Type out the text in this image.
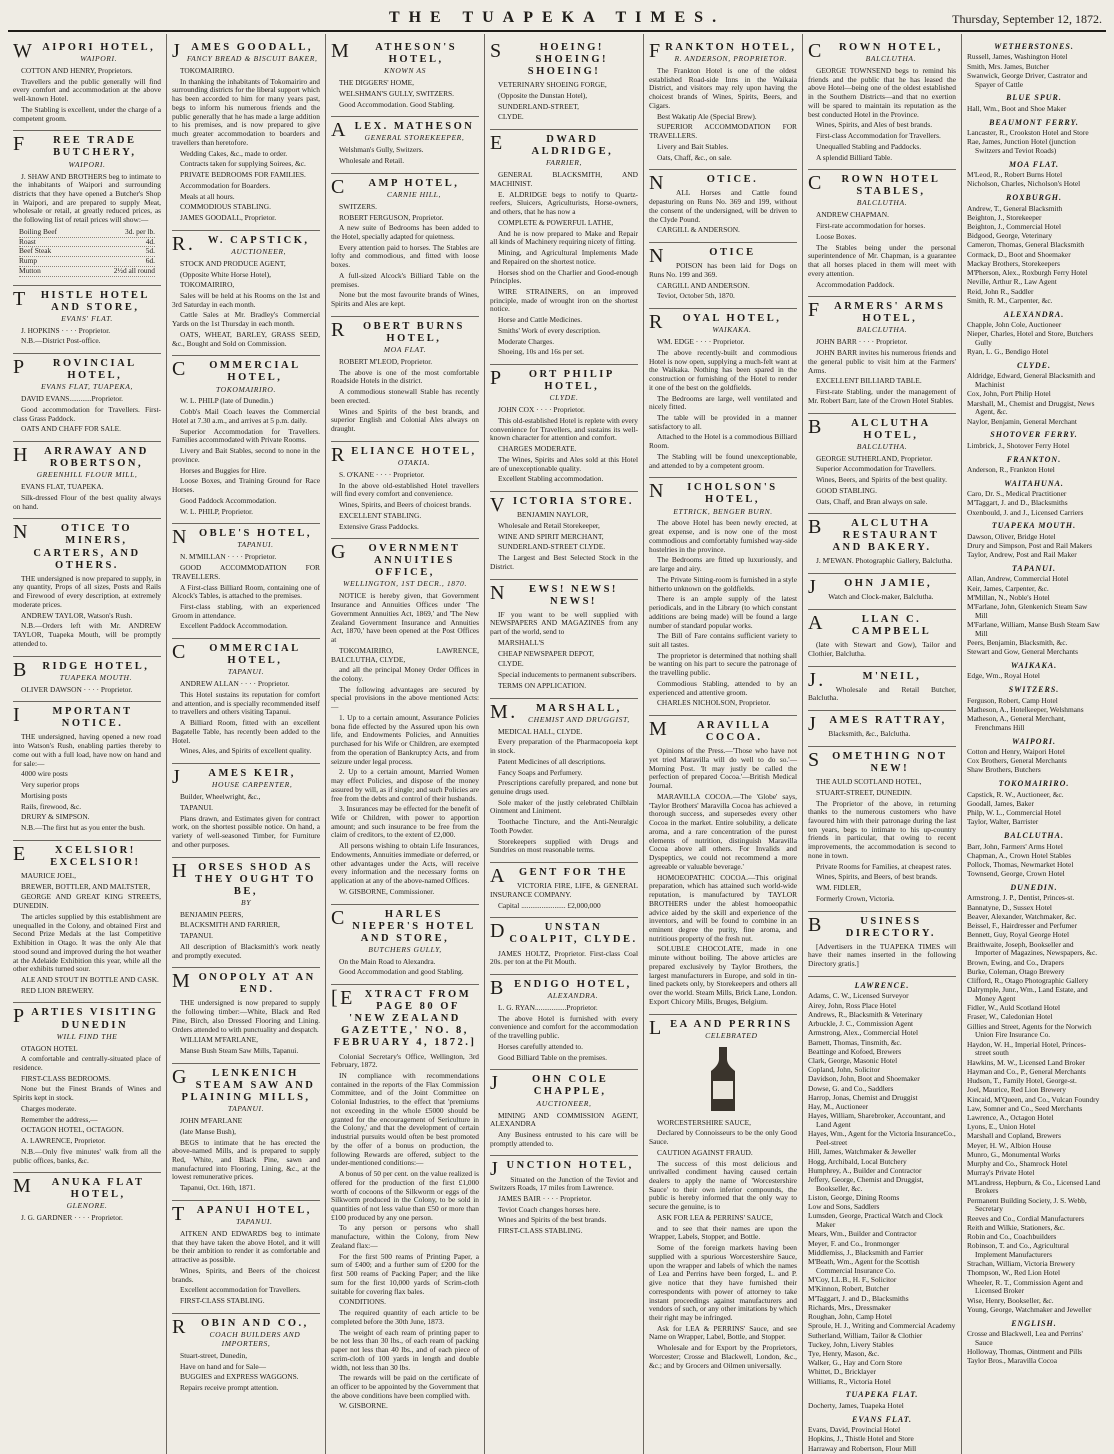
THE TUAPEKA TIMES.	Thursday, September 12, 1872.
WAIPORI HOTEL,
WAIPORI.

COTTON AND HENRY, Proprietors.

Travellers and the public generally will find every comfort and accommodation at the above well-known Hotel.

The Stabling is excellent, under the charge of a competent groom.

FREE TRADE BUTCHERY,
WAIPORI.

J. SHAW AND BROTHERS beg to intimate to the inhabitants of Waipori and surrounding districts that they have opened a Butcher's Shop in Waipori, and are prepared to supply Meat, wholesale or retail, at greatly reduced prices, as the following list of retail prices will show:—

Boiling Beef	3d. per lb.
Roast	4d.
Beef Steak	5d.
Rump	6d.
Mutton	2½d all round
THISTLE HOTEL AND STORE,
EVANS' FLAT.

J. HOPKINS · · · · Proprietor.

N.B.—District Post-office.

PROVINCIAL HOTEL,
EVANS FLAT, TUAPEKA,

DAVID EVANS............Proprietor.

Good accommodation for Travellers. First-class Grass Paddock.

OATS AND CHAFF FOR SALE.

HARRAWAY AND ROBERTSON,
GREENHILL FLOUR MILL,

EVANS FLAT, TUAPEKA.

Silk-dressed Flour of the best quality always on hand.

NOTICE TO MINERS, CARTERS, AND OTHERS.

THE undersigned is now prepared to supply, in any quantity, Props of all sizes, Posts and Rails and Firewood of every description, at extremely moderate prices.

ANDREW TAYLOR, Watson's Rush.

N.B.—Orders left with Mr. ANDREW TAYLOR, Tuapeka Mouth, will be promptly attended to.

BRIDGE HOTEL,
TUAPEKA MOUTH.

OLIVER DAWSON · · · · Proprietor.

IMPORTANT NOTICE.

THE undersigned, having opened a new road into Watson's Rush, enabling parties thereby to come out with a full load, have now on hand and for sale:—

4000 wire posts

Very superior props

Mortising posts

Rails, firewood, &c.

DRURY & SIMPSON.

N.B.—The first hut as you enter the bush.

EXCELSIOR! EXCELSIOR!

MAURICE JOEL,

BREWER, BOTTLER, AND MALTSTER,

GEORGE AND GREAT KING STREETS, DUNEDIN.

The articles supplied by this establishment are unequalled in the Colony, and obtained First and Second Prize Medals at the last Competitive Exhibition in Otago. It was the only Ale that stood sound and improved during the hot weather at the Adelaide Exhibition this year, while all the other exhibits turned sour.

ALE AND STOUT IN BOTTLE AND CASK.

RED LION BREWERY.

PARTIES VISITING DUNEDIN
WILL FIND THE

OTAGON HOTEL

A comfortable and centrally-situated place of residence.

FIRST-CLASS BEDROOMS.

None but the Finest Brands of Wines and Spirits kept in stock.

Charges moderate.

Remember the address,—

OCTAGON HOTEL, OCTAGON.

A. LAWRENCE, Proprietor.

N.B.—Only five minutes' walk from all the public offices, banks, &c.

MANUKA FLAT HOTEL,
GLENORE.

J. G. GARDNER · · · · Proprietor.

JAMES GOODALL,
FANCY BREAD & BISCUIT BAKER,

TOKOMAIRIRO.

In thanking the inhabitants of Tokomairiro and surrounding districts for the liberal support which has been accorded to him for many years past, begs to inform his numerous friends and the public generally that he has made a large addition to his premises, and is now prepared to give much greater accommodation to boarders and travellers than heretofore.

Wedding Cakes, &c., made to order.

Contracts taken for supplying Soirees, &c.

PRIVATE BEDROOMS FOR FAMILIES.

Accommodation for Boarders.

Meals at all hours.

COMMODIOUS STABLING.

JAMES GOODALL, Proprietor.

R.W. CAPSTICK,
AUCTIONEER,

STOCK AND PRODUCE AGENT,

(Opposite White Horse Hotel),

TOKOMAIRIRO,

Sales will be held at his Rooms on the 1st and 3rd Saturday in each month.

Cattle Sales at Mr. Bradley's Commercial Yards on the 1st Thursday in each month.

OATS, WHEAT, BARLEY, GRASS SEED, &c., Bought and Sold on Commission.

COMMERCIAL HOTEL,
TOKOMAIRIRO.

W. L. PHILP (late of Dunedin.)

Cobb's Mail Coach leaves the Commercial Hotel at 7.30 a.m., and arrives at 5 p.m. daily.

Superior Accommodation for Travellers. Families accommodated with Private Rooms.

Livery and Bait Stables, second to none in the province.

Horses and Buggies for Hire.

Loose Boxes, and Training Ground for Race Horses.

Good Paddock Accommodation.

W. L. PHILP, Proprietor.

NOBLE'S HOTEL,
TAPANUI.

N. M'MILLAN · · · · Proprietor.

GOOD ACCOMMODATION FOR TRAVELLERS.

A First-class Billiard Room, containing one of Alcock's Tables, is attached to the premises.

First-class stabling, with an experienced Groom in attendance.

Excellent Paddock Accommodation.

COMMERCIAL HOTEL,
TAPANUI.

ANDREW ALLAN · · · · Proprietor.

This Hotel sustains its reputation for comfort and attention, and is specially recommended itself to travellers and others visiting Tapanui.

A Billiard Room, fitted with an excellent Bagatelle Table, has recently been added to the Hotel.

Wines, Ales, and Spirits of excellent quality.

JAMES KEIR,
HOUSE CARPENTER,

Builder, Wheelwright, &c.,

TAPANUI.

Plans drawn, and Estimates given for contract work, on the shortest possible notice. On hand, a variety of well-seasoned Timber, for Furniture and other purposes.

HORSES SHOD AS THEY OUGHT TO BE,
BY

BENJAMIN PEERS,

BLACKSMITH AND FARRIER,

TAPANUI.

All description of Blacksmith's work neatly and promptly executed.

MONOPOLY AT AN END.

THE undersigned is now prepared to supply the following timber:—White, Black and Red Pine, Birch, also Dressed Flooring and Lining. Orders attended to with punctuality and despatch.

WILLIAM M'FARLANE,

Manse Bush Steam Saw Mills, Tapanui.

GLENKENICH STEAM SAW AND PLAINING MILLS,
TAPANUI.

JOHN M'FARLANE

(late Manse Bush),

BEGS to intimate that he has erected the above-named Mills, and is prepared to supply Red, White, and Black Pine, sawn and manufactured into Flooring, Lining, &c., at the lowest remunerative prices.

Tapanui, Oct. 16th, 1871.

TAPANUI HOTEL,
TAPANUI.

AITKEN AND EDWARDS beg to intimate that they have taken the above Hotel, and it will be their ambition to render it as comfortable and attractive as possible.

Wines, Spirits, and Beers of the choicest brands.

Excellent accommodation for Travellers.

FIRST-CLASS STABLING.

ROBIN AND CO.,
COACH BUILDERS AND IMPORTERS,

Stuart-street, Dunedin,

Have on hand and for Sale—

BUGGIES and EXPRESS WAGGONS.

Repairs receive prompt attention.

MATHESON'S HOTEL,
KNOWN AS

THE DIGGERS' HOME,

WELSHMAN'S GULLY, SWITZERS.

Good Accommodation. Good Stabling.

ALEX. MATHESON
GENERAL STOREKEEPER,

Welshman's Gully, Switzers.

Wholesale and Retail.

CAMP HOTEL,
CARNIE HILL,

SWITZERS.

ROBERT FERGUSON, Proprietor.

A new suite of Bedrooms has been added to the Hotel, specially adapted for quietness.

Every attention paid to horses. The Stables are lofty and commodious, and fitted with loose boxes.

A full-sized Alcock's Billiard Table on the premises.

None but the most favourite brands of Wines, Spirits and Ales are kept.

ROBERT BURNS HOTEL,
MOA FLAT.

ROBERT M'LEOD, Proprietor.

The above is one of the most comfortable Roadside Hotels in the district.

A commodious stonewall Stable has recently been erected.

Wines and Spirits of the best brands, and superior English and Colonial Ales always on draught.

RELIANCE HOTEL,
OTAKIA.

S. O'KANE · · · · Proprietor.

In the above old-established Hotel travellers will find every comfort and convenience.

Wines, Spirits, and Beers of choicest brands.

EXCELLENT STABLING.

Extensive Grass Paddocks.

GOVERNMENT ANNUITIES OFFICE,
WELLINGTON, 1ST DECR., 1870.

NOTICE is hereby given, that Government Insurance and Annuities Offices under 'The Government Annuities Act, 1869,' and 'The New Zealand Government Insurance and Annuities Act, 1870,' have been opened at the Post Offices at

TOKOMAIRIRO, LAWRENCE, BALCLUTHA, CLYDE,

and all the principal Money Order Offices in the colony.

The following advantages are secured by special provisions in the above mentioned Acts:—

1. Up to a certain amount, Assurance Policies bona fide effected by the Assured upon his own life, and Endowments Policies, and Annuities purchased for his Wife or Children, are exempted from the operation of Bankruptcy Acts, and from seizure under legal process.

2. Up to a certain amount, Married Women may effect Policies, and dispose of the money assured by will, as if single; and such Policies are free from the debts and control of their husbands.

3. Insurances may be effected for the benefit of Wife or Children, with power to apportion amount; and such insurance to be free from the claim of creditors, to the extent of £2,000.

All persons wishing to obtain Life Insurances, Endowments, Annuities immediate or deferred, or other advantages under the Acts, will receive every information and the necessary forms on application at any of the above-named Offices.

W. GISBORNE, Commissioner.

CHARLES NIEPER'S HOTEL AND STORE,
BUTCHERS GULLY,

On the Main Road to Alexandra.

Good Accommodation and good Stabling.

[EXTRACT FROM PAGE 80 OF 'NEW ZEALAND GAZETTE,' NO. 8, FEBRUARY 4, 1872.]

Colonial Secretary's Office, Wellington, 3rd February, 1872.

IN compliance with recommendations contained in the reports of the Flax Commission Committee, and of the Joint Committee on Colonial Industries, to the effect that 'premiums not exceeding in the whole £5000 should be granted for the encouragement of Sericulture in the Colony,' and that the development of certain industrial pursuits would often be best promoted by the offer of a bonus on production, the following Rewards are offered, subject to the under-mentioned conditions:—

A bonus of 50 per cent. on the value realized is offered for the production of the first £1,000 worth of cocoons of the Silkworm or eggs of the Silkworm produced in the Colony, to be sold in quantities of not less value than £50 or more than £100 produced by any one person.

To any person or persons who shall manufacture, within the Colony, from New Zealand flax:—

For the first 500 reams of Printing Paper, a sum of £400; and a further sum of £200 for the first 500 reams of Packing Paper; and the like sum for the first 10,000 yards of Scrim-cloth suitable for covering flax bales.

CONDITIONS.

The required quantity of each article to be completed before the 30th June, 1873.

The weight of each ream of printing paper to be not less than 30 lbs., of each ream of packing paper not less than 40 lbs., and of each piece of scrim-cloth of 100 yards in length and double width, not less than 30 lbs.

The rewards will be paid on the certificate of an officer to be appointed by the Government that the above conditions have been complied with.

W. GISBORNE.

SHOEING! SHOEING! SHOEING!

VETERINARY SHOEING FORGE,

(Opposite the Dunstan Hotel),

SUNDERLAND-STREET,

CLYDE.

EDWARD ALDRIDGE,
FARRIER,

GENERAL BLACKSMITH, AND MACHINIST.

E. ALDRIDGE begs to notify to Quartz-reefers, Sluicers, Agriculturists, Horse-owners, and others, that he has now a

COMPLETE & POWERFUL LATHE,

And he is now prepared to Make and Repair all kinds of Machinery requiring nicety of fitting.

Mining, and Agricultural Implements Made and Repaired on the shortest notice.

Horses shod on the Charlier and Good-enough Principles.

WIRE STRAINERS, on an improved principle, made of wrought iron on the shortest notice.

Horse and Cattle Medicines.

Smiths' Work of every description.

Moderate Charges.

Shoeing, 10s and 16s per set.

PORT PHILIP HOTEL,
CLYDE.

JOHN COX · · · · Proprietor.

This old-established Hotel is replete with every convenience for Travellers, and sustains its well-known character for attention and comfort.

CHARGES MODERATE.

The Wines, Spirits and Ales sold at this Hotel are of unexceptionable quality.

Excellent Stabling accommodation.

VICTORIA STORE.

BENJAMIN NAYLOR,

Wholesale and Retail Storekeeper,

WINE AND SPIRIT MERCHANT,

SUNDERLAND-STREET CLYDE.

The Largest and Best Selected Stock in the District.

NEWS! NEWS! NEWS!

IF you want to be well supplied with NEWSPAPERS AND MAGAZINES from any part of the world, send to

MARSHALL'S

CHEAP NEWSPAPER DEPOT,

CLYDE.

Special inducements to permanent subscribers.

TERMS ON APPLICATION.

M.MARSHALL,
CHEMIST AND DRUGGIST,

MEDICAL HALL, CLYDE.

Every preparation of the Pharmacopoeia kept in stock.

Patent Medicines of all descriptions.

Fancy Soaps and Perfumery.

Prescriptions carefully prepared, and none but genuine drugs used.

Sole maker of the justly celebrated Chilblain Ointment and Liniment.

Toothache Tincture, and the Anti-Neuralgic Tooth Powder.

Storekeepers supplied with Drugs and Sundries on most reasonable terms.

AGENT FOR THE

VICTORIA FIRE, LIFE, & GENERAL INSURANCE COMPANY.

Capital ........................ £2,000,000

DUNSTAN COALPIT, CLYDE.

JAMES HOLTZ, Proprietor. First-class Coal 20s. per ton at the Pit Mouth.

BENDIGO HOTEL,
ALEXANDRA.

L. G. RYAN.................Proprietor.

The above Hotel is furnished with every convenience and comfort for the accommodation of the travelling public.

Horses carefully attended to.

Good Billiard Table on the premises.

JOHN COLE CHAPPLE,
AUCTIONEER,

MINING AND COMMISSION AGENT, ALEXANDRA

Any Business entrusted to his care will be promptly attended to.

JUNCTION HOTEL,

Situated on the Junction of the Teviot and Switzers Roads, 17 miles from Lawrence.

JAMES BAIR · · · · Proprietor.

Teviot Coach changes horses here.

Wines and Spirits of the best brands.

FIRST-CLASS STABLING.

FRANKTON HOTEL,
R. ANDERSON, PROPRIETOR.

The Frankton Hotel is one of the oldest established Road-side Inns in the Waikaia District, and visitors may rely upon having the choicest brands of Wines, Spirits, Beers, and Cigars.

Best Wakatip Ale (Special Brew).

SUPERIOR ACCOMMODATION FOR TRAVELLERS.

Livery and Bait Stables.

Oats, Chaff, &c., on sale.

NOTICE.

ALL Horses and Cattle found depasturing on Runs No. 369 and 199, without the consent of the undersigned, will be driven to the Clyde Pound.

CARGILL & ANDERSON.

NOTICE

POISON has been laid for Dogs on Runs No. 199 and 369.

CARGILL AND ANDERSON.

Teviot, October 5th, 1870.

ROYAL HOTEL,
WAIKAKA.

WM. EDGE · · · · Proprietor.

The above recently-built and commodious Hotel is now open, supplying a much-felt want at the Waikaka. Nothing has been spared in the construction or furnishing of the Hotel to render it one of the best on the goldfields.

The Bedrooms are large, well ventilated and nicely fitted.

The table will be provided in a manner satisfactory to all.

Attached to the Hotel is a commodious Billiard Room.

The Stabling will be found unexceptionable, and attended to by a competent groom.

NICHOLSON'S HOTEL,
ETTRICK, BENGER BURN.

The above Hotel has been newly erected, at great expense, and is now one of the most commodious and comfortably furnished way-side hostelries in the province.

The Bedrooms are fitted up luxuriously, and are large and airy.

The Private Sitting-room is furnished in a style hitherto unknown on the goldfields.

There is an ample supply of the latest periodicals, and in the Library (to which constant additions are being made) will be found a large number of standard popular works.

The Bill of Fare contains sufficient variety to suit all tastes.

The proprietor is determined that nothing shall be wanting on his part to secure the patronage of the travelling public.

Commodious Stabling, attended to by an experienced and attentive groom.

CHARLES NICHOLSON, Proprietor.

MARAVILLA COCOA.

Opinions of the Press.—'Those who have not yet tried Maravilla will do well to do so.'—Morning Post. 'It may justly be called the perfection of prepared Cocoa.'—British Medical Journal.

MARAVILLA COCOA.—The 'Globe' says, 'Taylor Brothers' Maravilla Cocoa has achieved a thorough success, and supersedes every other Cocoa in the market. Entire solubility, a delicate aroma, and a rare concentration of the purest elements of nutrition, distinguish Maravilla Cocoa above all others. For Invalids and Dyspeptics, we could not recommend a more agreeable or valuable beverage.'

HOMOEOPATHIC COCOA.—This original preparation, which has attained such world-wide reputation, is manufactured by TAYLOR BROTHERS under the ablest homoeopathic advice aided by the skill and experience of the inventors, and will be found to combine in an eminent degree the purity, fine aroma, and nutritious property of the fresh nut.

SOLUBLE CHOCOLATE, made in one minute without boiling. The above articles are prepared exclusively by Taylor Brothers, the largest manufacturers in Europe, and sold in tin-lined packets only, by Storekeepers and others all over the world. Steam Mills, Brick Lane, London. Export Chicory Mills, Bruges, Belgium.

LEA AND PERRINS
CELEBRATED

WORCESTERSHIRE SAUCE,

Declared by Connoisseurs to be the only Good Sauce.

CAUTION AGAINST FRAUD.

The success of this most delicious and unrivalled condiment having caused certain dealers to apply the name of 'Worcestershire Sauce' to their own inferior compounds, the public is hereby informed that the only way to secure the genuine, is to

ASK FOR LEA & PERRINS' SAUCE,

and to see that their names are upon the Wrapper, Labels, Stopper, and Bottle.

Some of the foreign markets having been supplied with a spurious Worcestershire Sauce, upon the wrapper and labels of which the names of Lea and Perrins have been forged, L. and P. give notice that they have furnished their correspondents with power of attorney to take instant proceedings against manufacturers and vendors of such, or any other imitations by which their right may be infringed.

Ask for LEA & PERRINS' Sauce, and see Name on Wrapper, Label, Bottle, and Stopper.

Wholesale and for Export by the Proprietors, Worcester; Crosse and Blackwell, London, &c., &c.; and by Grocers and Oilmen universally.

CROWN HOTEL,
BALCLUTHA.

GEORGE TOWNSEND begs to remind his friends and the public that he has leased the above Hotel—being one of the oldest established in the Southern Districts—and that no exertion will be spared to maintain its reputation as the best conducted Hotel in the Province.

Wines, Spirits, and Ales of best brands.

First-class Accommodation for Travellers.

Unequalled Stabling and Paddocks.

A splendid Billiard Table.

CROWN HOTEL STABLES,
BALCLUTHA.

ANDREW CHAPMAN.

First-rate accommodation for horses.

Loose Boxes.

The Stables being under the personal superintendence of Mr. Chapman, is a guarantee that all horses placed in them will meet with every attention.

Accommodation Paddock.

FARMERS' ARMS HOTEL,
BALCLUTHA.

JOHN BARR · · · · Proprietor.

JOHN BARR invites his numerous friends and the general public to visit him at the Farmers' Arms.

EXCELLENT BILLIARD TABLE.

First-rate Stabling, under the management of Mr. Robert Barr, late of the Crown Hotel Stables.

BALCLUTHA HOTEL,
BALCLUTHA.

GEORGE SUTHERLAND, Proprietor.

Superior Accommodation for Travellers.

Wines, Beers, and Spirits of the best quality.

GOOD STABLING.

Oats, Chaff, and Bran always on sale.

BALCLUTHA RESTAURANT AND BAKERY.

J. M'EWAN. Photographic Gallery, Balclutha.

JOHN JAMIE,

Watch and Clock-maker, Balclutha.

ALLAN C. CAMPBELL

(late with Stewart and Gow), Tailor and Clothier, Balclutha.

J.M'NEIL,

Wholesale and Retail Butcher, Balclutha.

JAMES RATTRAY,

Blacksmith, &c., Balclutha.

SOMETHING NOT NEW!

THE AULD SCOTLAND HOTEL,

STUART-STREET, DUNEDIN.

The Proprietor of the above, in returning thanks to the numerous customers who have favoured him with their patronage during the last ten years, begs to intimate to his up-country friends in particular, that owing to recent improvements, the accommodation is second to none in town.

Private Rooms for Families, at cheapest rates.

Wines, Spirits, and Beers, of best brands.

WM. FIDLER,

Formerly Crown, Victoria.

BUSINESS DIRECTORY.

[Advertisers in the TUAPEKA TIMES will have their names inserted in the following Directory gratis.]

LAWRENCE.
Adams, C. W., Licensed Surveyor
Airey, John, Ross Place Hotel
Andrews, R., Blacksmith & Veterinary
Arbuckle, J. C., Commission Agent
Armstrong, Alex., Commercial Hotel
Barnett, Thomas, Tinsmith, &c.
Beattinge and Kofoed, Brewers
Clark, George, Masonic Hotel
Copland, John, Solicitor
Davidson, John, Boot and Shoemaker
Dowse, G. and Co., Saddlers
Harrop, Jonas, Chemist and Druggist
Hay, M., Auctioneer
Hayes, William, Sharebroker, Accountant, and Land Agent
Hayes, Wm., Agent for the Victoria InsuranceCo., Peel-street
Hill, James, Watchmaker & Jeweller
Hogg, Archibald, Local Butchery
Humphrey, A., Builder and Contractor
Jeffery, George, Chemist and Druggist, Bookseller, &c.
Liston, George, Dining Rooms
Low and Sons, Saddlers
Lumsden, George, Practical Watch and Clock Maker
Mears, Wm., Builder and Contractor
Meyer, F. and Co., Ironmonger
Middlemiss, J., Blacksmith and Farrier
M'Beath, Wm., Agent for the Scottish Commercial Insurance Co.
M'Coy, LL.B., H. F., Solicitor
M'Kinnon, Robert, Butcher
M'Taggart, J. and D., Blacksmiths
Richards, Mrs., Dressmaker
Roughan, John, Camp Hotel
Sproule, H. J., Writing and Commercial Academy
Sutherland, William, Tailor & Clothier
Tuckey, John, Livery Stables
Tye, Henry, Mason, &c.
Walker, G., Hay and Corn Store
Whittet, D., Bricklayer
Williams, R., Victoria Hotel
TUAPEKA FLAT.
Docherty, James, Tuapeka Hotel
EVANS FLAT.
Evans, David, Provincial Hotel
Hopkins, J., Thistle Hotel and Store
Harraway and Robertson, Flour Mill
WETHERSTONES.
Russell, James, Washington Hotel
Smith, Mrs. James, Butcher
Swanwick, George Driver, Castrator and Spayer of Cattle
BLUE SPUR.
Hall, Wm., Boot and Shoe Maker
BEAUMONT FERRY.
Lancaster, R., Crookston Hotel and Store
Rae, James, Junction Hotel (junction Switzers and Teviot Roads)
MOA FLAT.
M'Leod, R., Robert Burns Hotel
Nicholson, Charles, Nicholson's Hotel
ROXBURGH.
Andrew, T., General Blacksmith
Beighton, J., Storekeeper
Beighton, J., Commercial Hotel
Bidgood, George, Veterinary
Cameron, Thomas, General Blacksmith
Cormack, D., Boot and Shoemaker
Mackay Brothers, Storekeepers
M'Pherson, Alex., Roxburgh Ferry Hotel
Neville, Arthur R., Law Agent
Reid, John R., Saddler
Smith, R. M., Carpenter, &c.
ALEXANDRA.
Chapple, John Cole, Auctioneer
Nieper, Charles, Hotel and Store, Butchers Gully
Ryan, L. G., Bendigo Hotel
CLYDE.
Aldridge, Edward, General Blacksmith and Machinist
Cox, John, Port Philip Hotel
Marshall, M., Chemist and Druggist, News Agent, &c.
Naylor, Benjamin, General Merchant
SHOTOVER FERRY.
Limbrick, J., Shotover Ferry Hotel
FRANKTON.
Anderson, R., Frankton Hotel
WAITAHUNA.
Caro, Dr. S., Medical Practitioner
M'Taggart, J. and D., Blacksmiths
Oxenbould, J. and J., Licensed Carriers
TUAPEKA MOUTH.
Dawson, Oliver, Bridge Hotel
Drury and Simpson, Post and Rail Makers
Taylor, Andrew, Post and Rail Maker
TAPANUI.
Allan, Andrew, Commercial Hotel
Keir, James, Carpenter, &c.
M'Millan, N., Noble's Hotel
M'Farlane, John, Glenkenich Steam Saw Mill
M'Farlane, William, Manse Bush Steam Saw Mill
Peers, Benjamin, Blacksmith, &c.
Stewart and Gow, General Merchants
WAIKAKA.
Edge, Wm., Royal Hotel
SWITZERS.
Ferguson, Robert, Camp Hotel
Matheson, A., Hotelkeeper, Welshmans
Matheson, A., General Merchant, Frenchmans Hill
WAIPORI.
Cotton and Henry, Waipori Hotel
Cox Brothers, General Merchants
Shaw Brothers, Butchers
TOKOMAIRIRO.
Capstick, R. W., Auctioneer, &c.
Goodall, James, Baker
Philp, W. L., Commercial Hotel
Taylor, Walter, Barrister
BALCLUTHA.
Barr, John, Farmers' Arms Hotel
Chapman, A., Crown Hotel Stables
Pollock, Thomas, Newmarket Hotel
Townsend, George, Crown Hotel
DUNEDIN.
Armstrong, J. P., Dentist, Princes-st.
Bannatyne, D., Sussex Hotel
Beaver, Alexander, Watchmaker, &c.
Beissel, F., Hairdresser and Perfumer
Bennett, Guy, Royal George Hotel
Braithwaite, Joseph, Bookseller and Importer of Magazines, Newspapers, &c.
Brown, Ewing, and Co., Drapers
Burke, Coleman, Otago Brewery
Clifford, R., Otago Photographic Gallery
Dalrymple, Junr., Wm., Land Estate, and Money Agent
Fidler, W., Auld Scotland Hotel
Fraser, W., Caledonian Hotel
Gillies and Street, Agents for the Norwich Union Fire Insurance Co.
Haydon, W. H., Imperial Hotel, Princes-street south
Hawkins, M. W., Licensed Land Broker
Hayman and Co., P., General Merchants
Hudson, T., Family Hotel, George-st.
Joel, Maurice, Red Lion Brewery
Kincaid, M'Queen, and Co., Vulcan Foundry
Law, Somner and Co., Seed Merchants
Lawrence, A., Octagon Hotel
Lyons, E., Union Hotel
Marshall and Copland, Brewers
Meyer, H. W., Albion House
Munro, G., Monumental Works
Murphy and Co., Shamrock Hotel
Murray's Private Hotel
M'Landress, Hepburn, & Co., Licensed Land Brokers
Permanent Building Society, J. S. Webb, Secretary
Reeves and Co., Cordial Manufacturers
Reith and Wilkie, Stationers, &c.
Robin and Co., Coachbuilders
Robinson, T. and Co., Agricultural Implement Manufacturers
Strachan, William, Victoria Brewery
Thompson, W., Red Lion Hotel
Wheeler, R. T., Commission Agent and Licensed Broker
Wise, Henry, Bookseller, &c.
Young, George, Watchmaker and Jeweller
ENGLISH.
Crosse and Blackwell, Lea and Perrins' Sauce
Holloway, Thomas, Ointment and Pills
Taylor Bros., Maravilla Cocoa
